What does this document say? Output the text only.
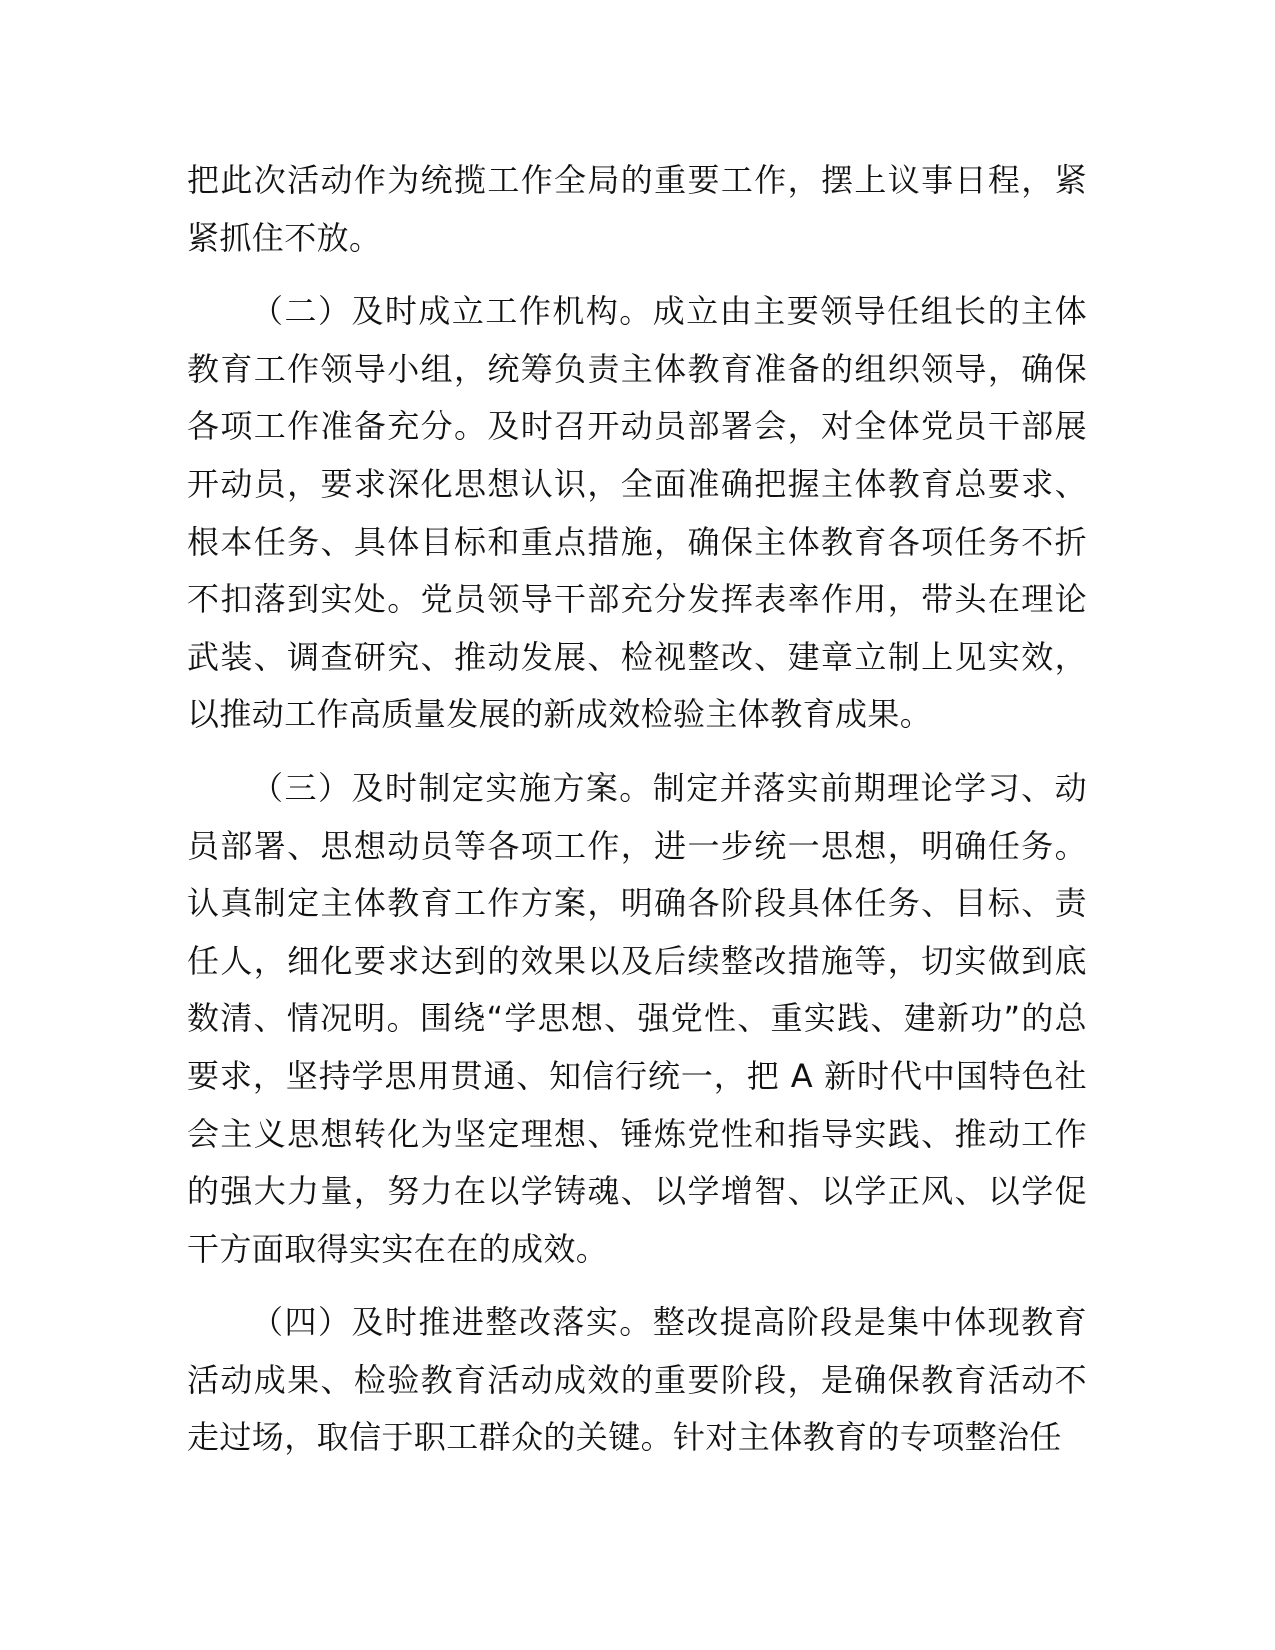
把此次活动作为统揽工作全局的重要工作，摆上议事日程，紧紧抓住不放。

（二）及时成立工作机构。成立由主要领导任组长的主体教育工作领导小组，统筹负责主体教育准备的组织领导，确保各项工作准备充分。及时召开动员部署会，对全体党员干部展开动员，要求深化思想认识，全面准确把握主体教育总要求、根本任务、具体目标和重点措施，确保主体教育各项任务不折不扣落到实处。党员领导干部充分发挥表率作用，带头在理论武装、调查研究、推动发展、检视整改、建章立制上见实效，以推动工作高质量发展的新成效检验主体教育成果。

（三）及时制定实施方案。制定并落实前期理论学习、动员部署、思想动员等各项工作，进一步统一思想，明确任务。认真制定主体教育工作方案，明确各阶段具体任务、目标、责任人，细化要求达到的效果以及后续整改措施等，切实做到底数清、情况明。围绕“学思想、强党性、重实践、建新功”的总要求，坚持学思用贯通、知信行统一，把 A 新时代中国特色社会主义思想转化为坚定理想、锤炼党性和指导实践、推动工作的强大力量，努力在以学铸魂、以学增智、以学正风、以学促干方面取得实实在在的成效。

（四）及时推进整改落实。整改提高阶段是集中体现教育活动成果、检验教育活动成效的重要阶段，是确保教育活动不走过场，取信于职工群众的关键。针对主体教育的专项整治任
